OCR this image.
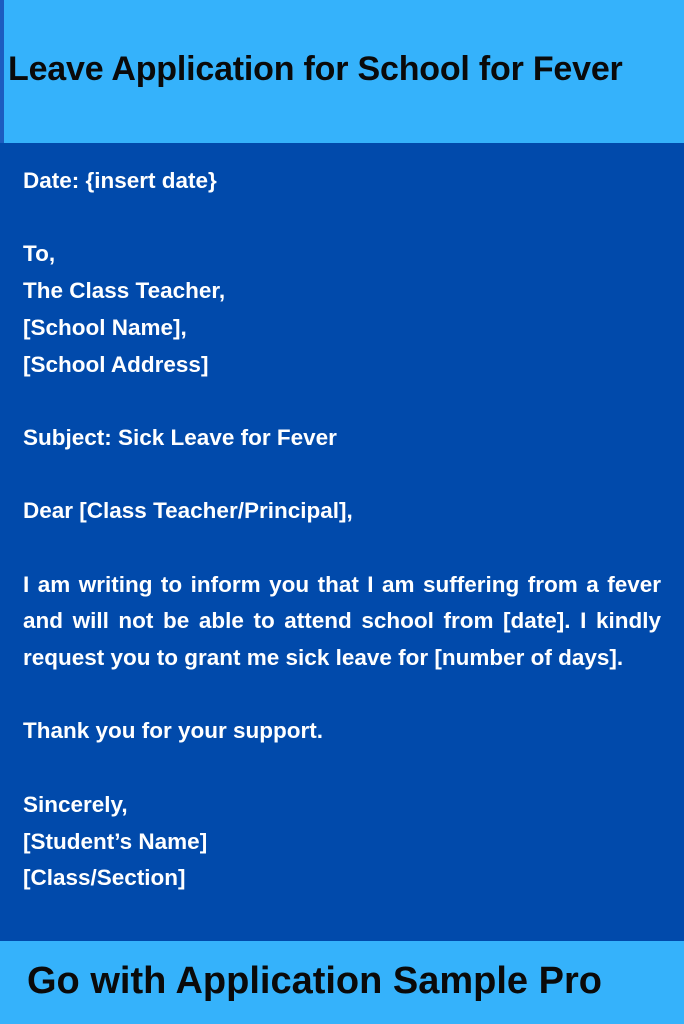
Leave Application for School for Fever

Date: {insert date}

To,

The Class Teacher,

[School Name],

[School Address]

Subject: Sick Leave for Fever

Dear [Class Teacher/Principal],

I am writing to inform you that I am suffering from a fever and will not be able to attend school from [date]. I kindly request you to grant me sick leave for [number of days].

Thank you for your support.

Sincerely,

[Student’s Name]

[Class/Section]

Go with Application Sample Pro
